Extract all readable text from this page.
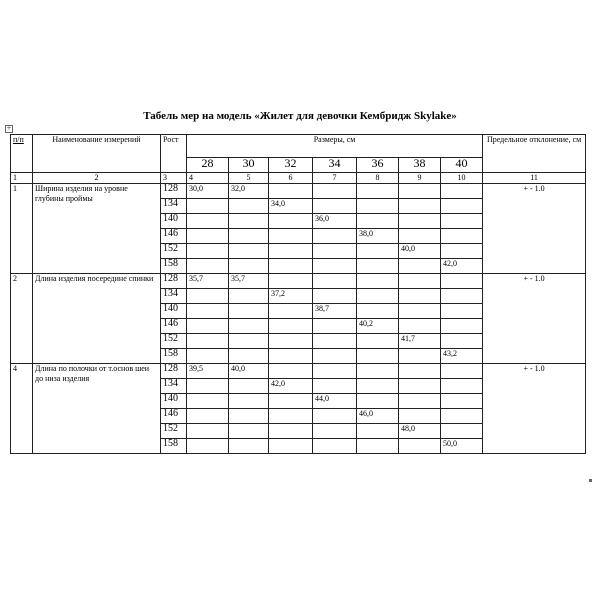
Табель мер на модель «Жилет для девочки Кембридж Skylake»
+
п/п	Наименование измерений	Рост	Размеры, см							Предельное отклонение, см
			28	30	32	34	36	38	40	
1	2	3	4	5	6	7	8	9	10	11
1	Ширина изделия на уровне глубины проймы	128	30,0	32,0						+ - 1.0
		134			34,0					
		140				36,0				
		146					38,0			
		152						40,0		
		158							42,0	
2	Длина изделия посередине спинки	128	35,7	35,7						+ - 1.0
		134			37,2					
		140				38,7				
		146					40,2			
		152						41,7		
		158							43,2	
4	Длина по полочки от т.основ шеи до низа изделия	128	39,5	40,0						+ - 1.0
		134			42,0					
		140				44,0				
		146					46,0			
		152						48,0		
		158							50,0	
